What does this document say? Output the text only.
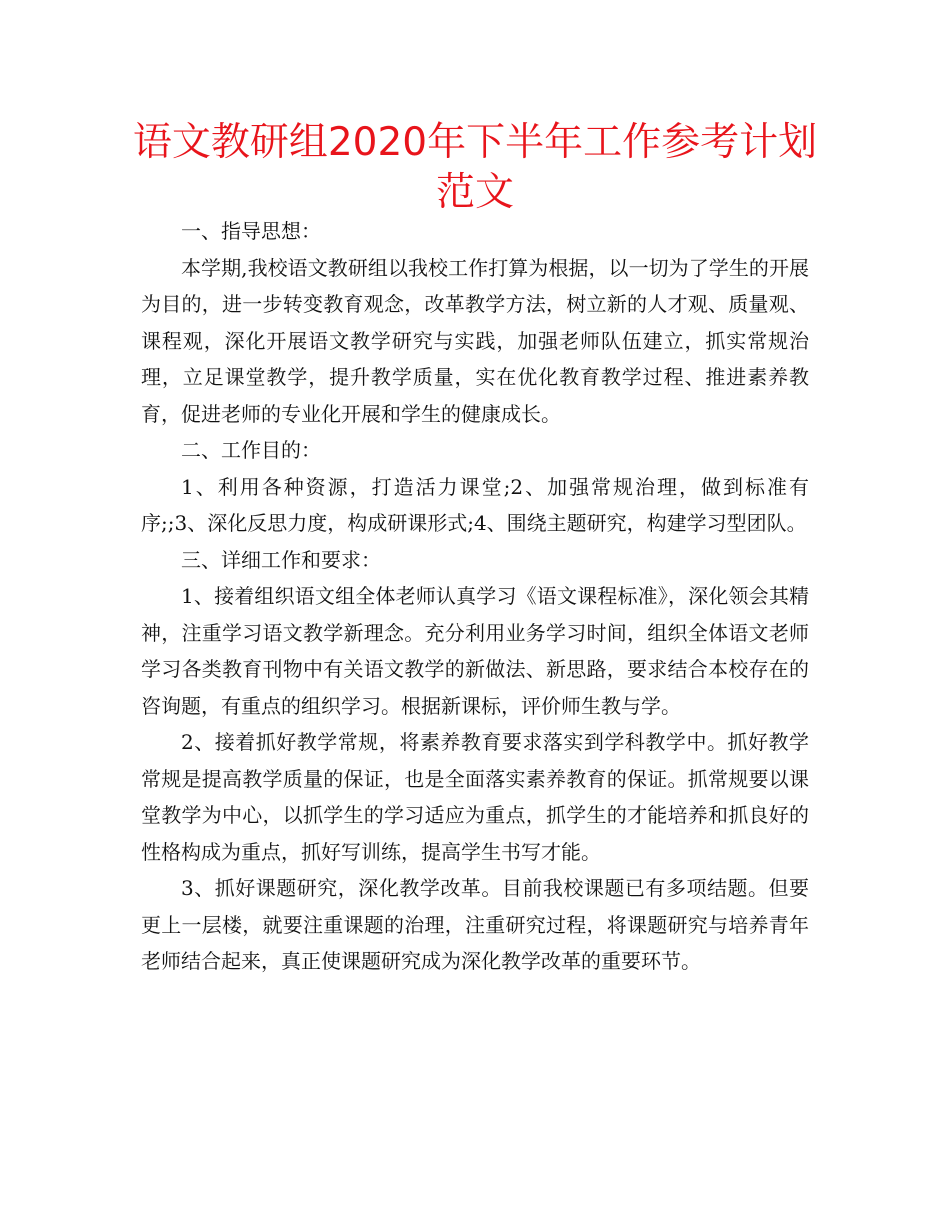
语文教研组2020年下半年工作参考计划范文

一、指导思想：

本学期,我校语文教研组以我校工作打算为根据，以一切为了学生的开展为目的，进一步转变教育观念，改革教学方法，树立新的人才观、质量观、课程观，深化开展语文教学研究与实践，加强老师队伍建立，抓实常规治理，立足课堂教学，提升教学质量，实在优化教育教学过程、推进素养教育，促进老师的专业化开展和学生的健康成长。

二、工作目的：

1、利用各种资源，打造活力课堂;2、加强常规治理，做到标准有序;;3、深化反思力度，构成研课形式;4、围绕主题研究，构建学习型团队。

三、详细工作和要求：

1、接着组织语文组全体老师认真学习《语文课程标准》，深化领会其精神，注重学习语文教学新理念。充分利用业务学习时间，组织全体语文老师学习各类教育刊物中有关语文教学的新做法、新思路，要求结合本校存在的咨询题，有重点的组织学习。根据新课标，评价师生教与学。

2、接着抓好教学常规，将素养教育要求落实到学科教学中。抓好教学常规是提高教学质量的保证，也是全面落实素养教育的保证。抓常规要以课堂教学为中心，以抓学生的学习适应为重点，抓学生的才能培养和抓良好的性格构成为重点，抓好写训练，提高学生书写才能。

3、抓好课题研究，深化教学改革。目前我校课题已有多项结题。但要更上一层楼，就要注重课题的治理，注重研究过程，将课题研究与培养青年老师结合起来，真正使课题研究成为深化教学改革的重要环节。
